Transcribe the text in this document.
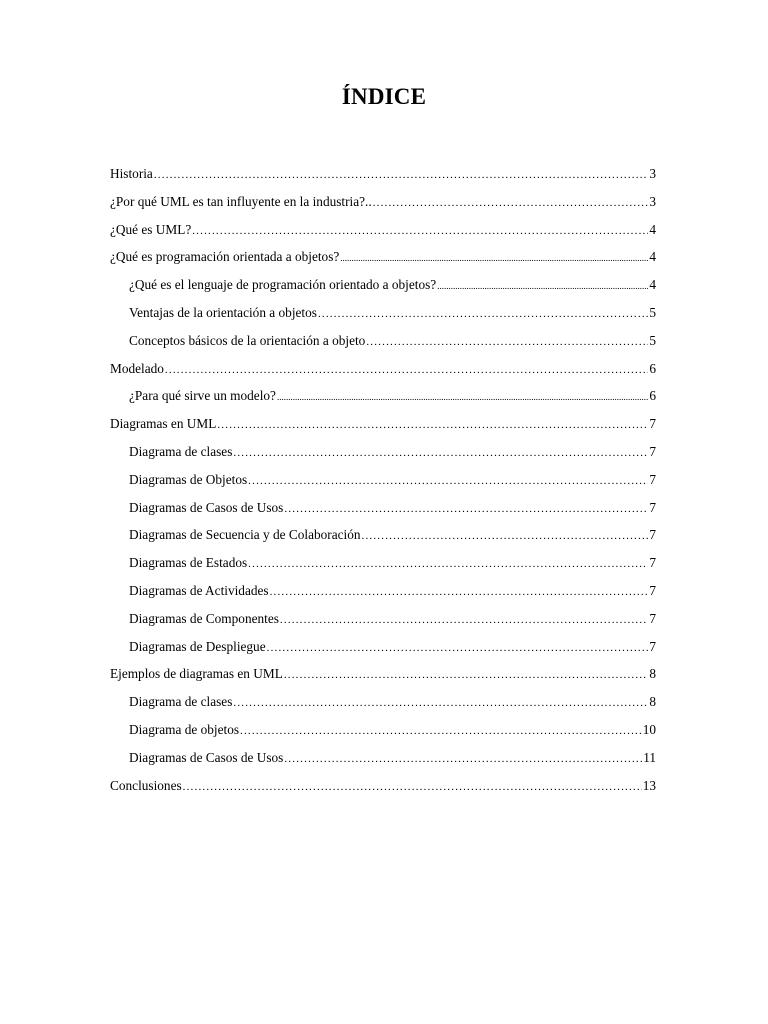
ÍNDICE
Historia .....	3
¿Por qué UML es tan influyente en la industria?.. .....	3
¿Qué es UML? .....	4
¿Qué es programación orientada a objetos? .....	4
¿Qué es el lenguaje de programación orientado a objetos? .....	4
Ventajas de la orientación a objetos .....	5
Conceptos básicos de la orientación a objeto .....	5
Modelado .....	6
¿Para qué sirve un modelo? .....	6
Diagramas en UML .....	7
Diagrama de clases .....	7
Diagramas de Objetos .....	7
Diagramas de Casos de Usos .....	7
Diagramas de Secuencia y de Colaboración .....	7
Diagramas de Estados .....	7
Diagramas de Actividades .....	7
Diagramas de Componentes .....	7
Diagramas de Despliegue .....	7
Ejemplos de diagramas en UML .....	8
Diagrama de clases .....	8
Diagrama de objetos .....	10
Diagramas de Casos de Usos .....	11
Conclusiones .....	13
